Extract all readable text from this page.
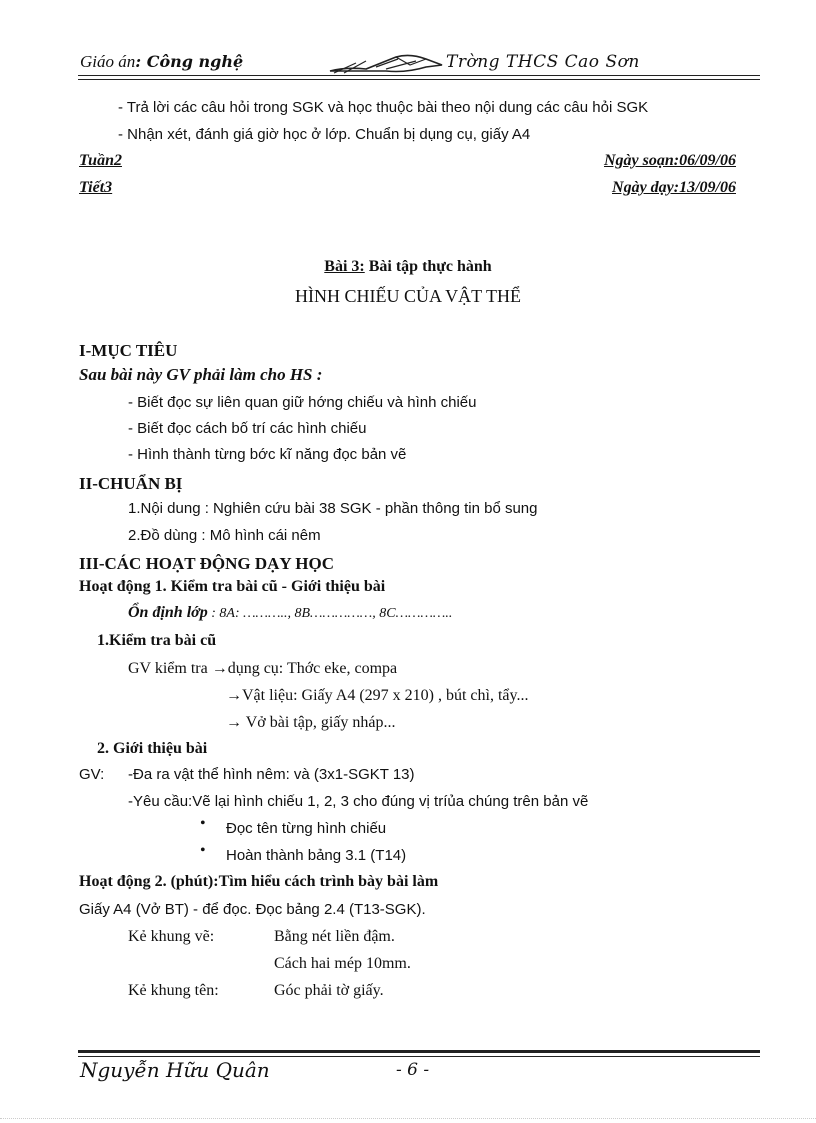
Giáo án: Công nghệ	Trờng THCS Cao Sơn
- Trả lời các câu hỏi trong SGK và học thuộc bài theo nội dung các câu hỏi SGK
- Nhận xét, đánh giá giờ học ở lớp. Chuẩn bị dụng cụ, giấy A4
Tuần2	Ngày soạn:06/09/06
Tiết3	Ngày dạy:13/09/06
Bài 3: Bài tập thực hành
HÌNH CHIẾU CỦA VẬT THỂ
I-MỤC TIÊU
Sau bài này GV phải làm cho HS :
- Biết đọc sự liên quan giữ hớng chiếu và hình chiếu
- Biết đọc cách bố trí các hình chiếu
- Hình thành từng bớc kĩ năng đọc bản vẽ
II-CHUẨN BỊ
1.Nội dung : Nghiên cứu bài 38 SGK - phần thông tin bổ sung
2.Đồ dùng : Mô hình cái nêm
III-CÁC HOẠT ĐỘNG DẠY HỌC
Hoạt động 1. Kiểm tra bài cũ - Giới thiệu bài
Ổn định lớp : 8A: ……….., 8B……………, 8C…………..
1.Kiểm tra bài cũ
GV kiểm tra →dụng cụ: Thớc eke, compa
→Vật liệu: Giấy A4 (297 x 210) , bút chì, tẩy...
→ Vở bài tập, giấy nháp...
2. Giới thiệu bài
GV: -Đa ra vật thể hình nêm: và (3x1-SGKT 13)
-Yêu cầu:Vẽ lại hình chiếu 1, 2, 3 cho đúng vị tríủa chúng trên bản vẽ
• Đọc tên từng hình chiếu
• Hoàn thành bảng 3.1 (T14)
Hoạt động 2. (phút):Tìm hiểu cách trình bày bài làm
Giấy A4 (Vở BT) - để đọc. Đọc bảng 2.4 (T13-SGK).
Kẻ khung vẽ:	Bằng nét liền đậm.
Cách hai mép 10mm.
Kẻ khung tên:	Góc phải tờ giấy.
Nguyễn Hữu Quân	- 6 -
